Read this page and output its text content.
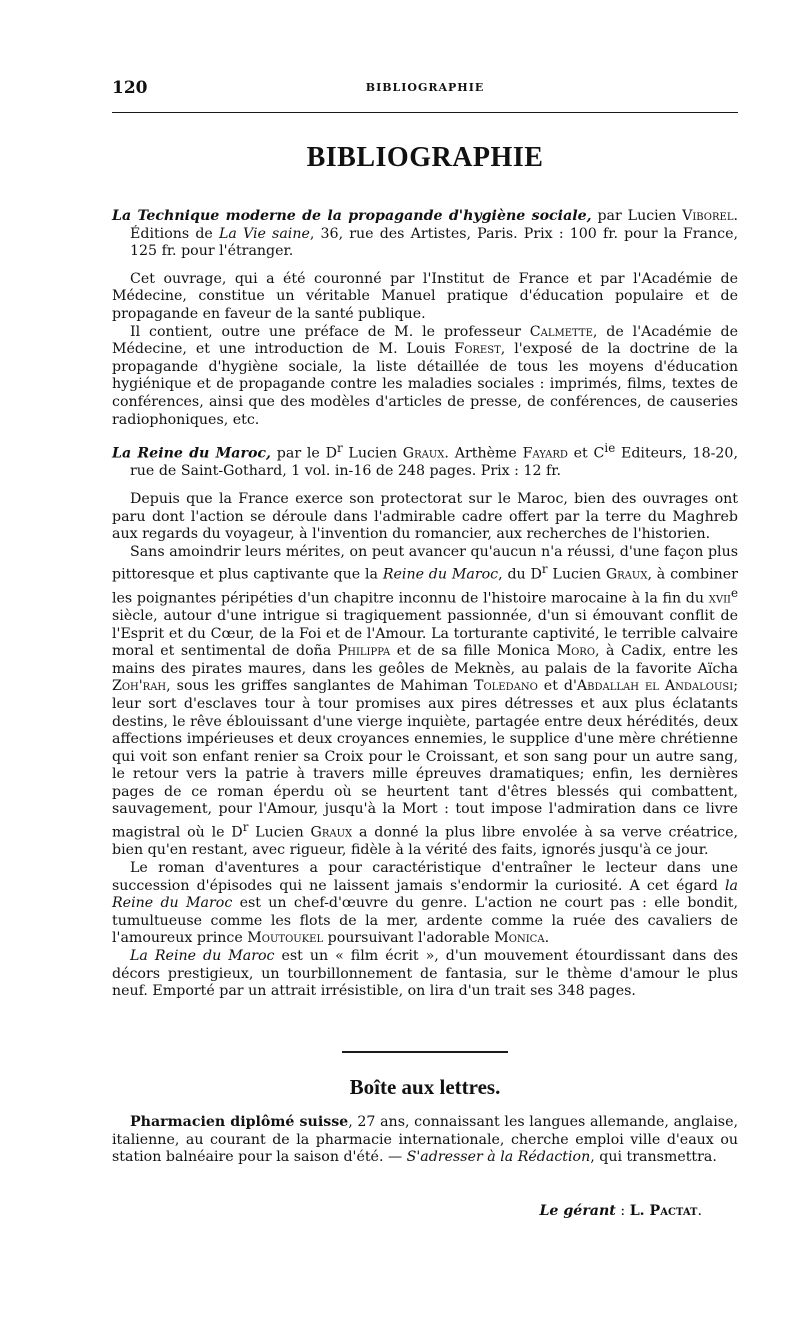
120	BIBLIOGRAPHIE
BIBLIOGRAPHIE

La Technique moderne de la propagande d'hygiène sociale, par Lucien Viborel. Éditions de La Vie saine, 36, rue des Artistes, Paris. Prix : 100 fr. pour la France, 125 fr. pour l'étranger.

Cet ouvrage, qui a été couronné par l'Institut de France et par l'Académie de Médecine, constitue un véritable Manuel pratique d'éducation populaire et de propagande en faveur de la santé publique.

Il contient, outre une préface de M. le professeur Calmette, de l'Académie de Médecine, et une introduction de M. Louis Forest, l'exposé de la doctrine de la propagande d'hygiène sociale, la liste détaillée de tous les moyens d'éducation hygiénique et de propagande contre les maladies sociales : imprimés, films, textes de conférences, ainsi que des modèles d'articles de presse, de conférences, de causeries radiophoniques, etc.

La Reine du Maroc, par le $D^r$ Lucien Graux. Arthème Fayard et $C^{ie}$ Editeurs, 18-20, rue de Saint-Gothard, 1 vol. in-16 de 248 pages. Prix : 12 fr.

Depuis que la France exerce son protectorat sur le Maroc, bien des ouvrages ont paru dont l'action se déroule dans l'admirable cadre offert par la terre du Maghreb aux regards du voyageur, à l'invention du romancier, aux recherches de l'historien.

Sans amoindrir leurs mérites, on peut avancer qu'aucun n'a réussi, d'une façon plus pittoresque et plus captivante que la Reine du Maroc, du $D^r$ Lucien Graux, à combiner les poignantes péripéties d'un chapitre inconnu de l'histoire marocaine à la fin du xvii$^e$ siècle, autour d'une intrigue si tragiquement passionnée, d'un si émouvant conflit de l'Esprit et du Cœur, de la Foi et de l'Amour. La torturante captivité, le terrible calvaire moral et sentimental de doña Philippa et de sa fille Monica Moro, à Cadix, entre les mains des pirates maures, dans les geôles de Meknès, au palais de la favorite Aïcha Zoh'rah, sous les griffes sanglantes de Mahiman Toledano et d'Abdallah el Andalousi; leur sort d'esclaves tour à tour promises aux pires détresses et aux plus éclatants destins, le rêve éblouissant d'une vierge inquiète, partagée entre deux hérédités, deux affections impérieuses et deux croyances ennemies, le supplice d'une mère chrétienne qui voit son enfant renier sa Croix pour le Croissant, et son sang pour un autre sang, le retour vers la patrie à travers mille épreuves dramatiques; enfin, les dernières pages de ce roman éperdu où se heurtent tant d'êtres blessés qui combattent, sauvagement, pour l'Amour, jusqu'à la Mort : tout impose l'admiration dans ce livre magistral où le $D^r$ Lucien Graux a donné la plus libre envolée à sa verve créatrice, bien qu'en restant, avec rigueur, fidèle à la vérité des faits, ignorés jusqu'à ce jour.

Le roman d'aventures a pour caractéristique d'entraîner le lecteur dans une succession d'épisodes qui ne laissent jamais s'endormir la curiosité. A cet égard la Reine du Maroc est un chef-d'œuvre du genre. L'action ne court pas : elle bondit, tumultueuse comme les flots de la mer, ardente comme la ruée des cavaliers de l'amoureux prince Moutoukel poursuivant l'adorable Monica.

La Reine du Maroc est un « film écrit », d'un mouvement étourdissant dans des décors prestigieux, un tourbillonnement de fantasia, sur le thème d'amour le plus neuf. Emporté par un attrait irrésistible, on lira d'un trait ses 348 pages.

Boîte aux lettres.

Pharmacien diplômé suisse, 27 ans, connaissant les langues allemande, anglaise, italienne, au courant de la pharmacie internationale, cherche emploi ville d'eaux ou station balnéaire pour la saison d'été. — S'adresser à la Rédaction, qui transmettra.

Le gérant : L. Pactat.
